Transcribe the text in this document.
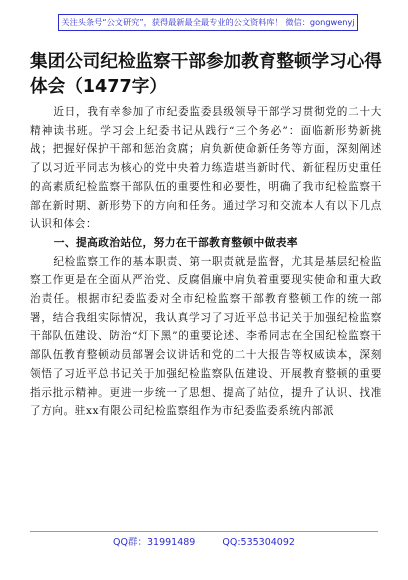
关注头条号“公文研究”，获得最新最全最专业的公文资料库！ 微信：gongwenyj
集团公司纪检监察干部参加教育整顿学习心得体会（1477字）

近日，我有幸参加了市纪委监委县级领导干部学习贯彻党的二十大精神读书班。学习会上纪委书记从践行“三个务必”：面临新形势新挑战；把握好保护干部和惩治贪腐；肩负新使命新任务等方面，深刻阐述了以习近平同志为核心的党中央着力练造堪当新时代、新征程历史重任的高素质纪检监察干部队伍的重要性和必要性，明确了我市纪检监察干部在新时期、新形势下的方向和任务。通过学习和交流本人有以下几点认识和体会：

一、提高政治站位，努力在干部教育整顿中做表率

纪检监察工作的基本职责、第一职责就是监督，尤其是基层纪检监察工作更是在全面从严治党、反腐倡廉中肩负着重要现实使命和重大政治责任。根据市纪委监委对全市纪检监察干部教育整顿工作的统一部署，结合我组实际情况，我认真学习了习近平总书记关于加强纪检监察干部队伍建设、防治“灯下黑”的重要论述、李希同志在全国纪检监察干部队伍教育整顿动员部署会议讲话和党的二十大报告等权威读本，深刻领悟了习近平总书记关于加强纪检监察队伍建设、开展教育整顿的重要指示批示精神。更进一步统一了思想、提高了站位，提升了认识、找准了方向。驻xx有限公司纪检监察组作为市纪委监委系统内部派

QQ群：31991489	QQ:535304092
